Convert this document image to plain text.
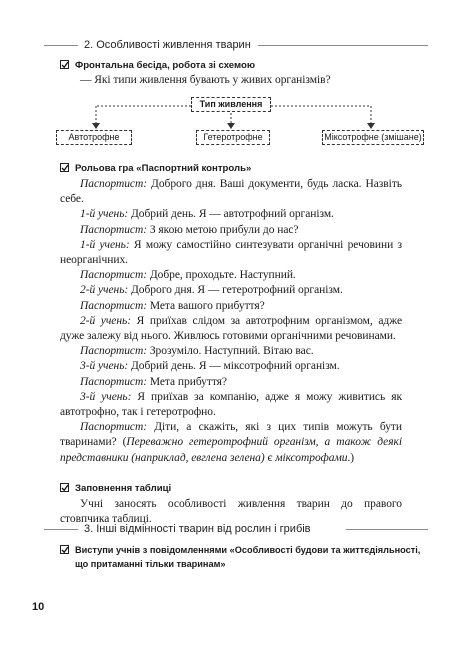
2. Особливості живлення тварин
Фронтальна бесіда, робота зі схемою

— Які типи живлення бувають у живих організмів?

Тип живлення
Автотрофне	Гетеротрофне	Міксотрофне (змішане)
Рольова гра «Паспортний контроль»

Паспортист: Доброго дня. Ваші документи, будь ласка. Назвіть себе.

1-й учень: Добрий день. Я — автотрофний організм.

Паспортист: З якою метою прибули до нас?

1-й учень: Я можу самостійно синтезувати органічні речовини з неорганічних.

Паспортист: Добре, проходьте. Наступний.

2-й учень: Доброго дня. Я — гетеротрофний організм.

Паспортист: Мета вашого прибуття?

2-й учень: Я приїхав слідом за автотрофним організмом, адже дуже залежу від нього. Живлюсь готовими органічними речовинами.

Паспортист: Зрозуміло. Наступний. Вітаю вас.

3-й учень: Добрий день. Я — міксотрофний організм.

Паспортист: Мета прибуття?

3-й учень: Я приїхав за компанію, адже я можу живитись як автотрофно, так і гетеротрофно.

Паспортист: Діти, а скажіть, які з цих типів можуть бути тваринами? (Переважно гетеротрофний організм, а також деякі представники (наприклад, евглена зелена) є міксотрофами.)

Заповнення таблиці

Учні заносять особливості живлення тварин до правого стовпчика таблиці.

3. Інші відмінності тварин від рослин і грибів
Виступи учнів з повідомленнями «Особливості будови та життєдіяльності,
що притаманні тільки тваринам»
10
